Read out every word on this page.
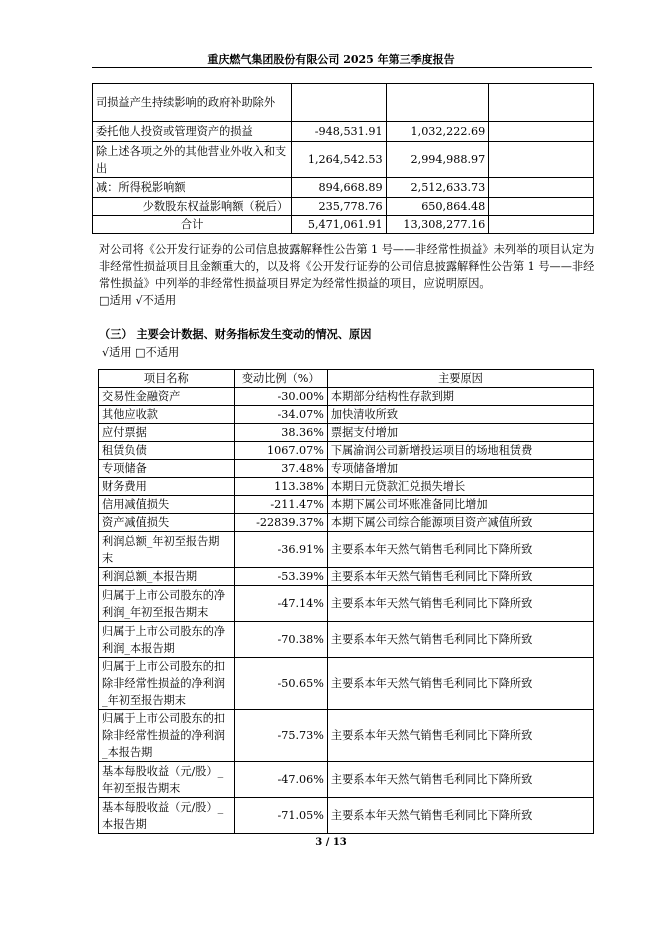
重庆燃气集团股份有限公司 2025 年第三季度报告
司损益产生持续影响的政府补助除外			
委托他人投资或管理资产的损益	-948,531.91	1,032,222.69	
除上述各项之外的其他营业外收入和支出	1,264,542.53	2,994,988.97	
减：所得税影响额	894,668.89	2,512,633.73	
少数股东权益影响额（税后）	235,778.76	650,864.48	
合计	5,471,061.91	13,308,277.16	

对公司将《公开发行证券的公司信息披露解释性公告第 1 号——非经常性损益》未列举的项目认定为非经常性损益项目且金额重大的，以及将《公开发行证券的公司信息披露解释性公告第 1 号——非经常性损益》中列举的非经常性损益项目界定为经常性损益的项目，应说明原因。

□适用 √不适用

（三） 主要会计数据、财务指标发生变动的情况、原因
√适用 □不适用
项目名称	变动比例（%）	主要原因
交易性金融资产	-30.00%	本期部分结构性存款到期
其他应收款	-34.07%	加快清收所致
应付票据	38.36%	票据支付增加
租赁负债	1067.07%	下属渝润公司新增投运项目的场地租赁费
专项储备	37.48%	专项储备增加
财务费用	113.38%	本期日元贷款汇兑损失增长
信用减值损失	-211.47%	本期下属公司坏账准备同比增加
资产减值损失	-22839.37%	本期下属公司综合能源项目资产减值所致
利润总额_年初至报告期末	-36.91%	主要系本年天然气销售毛利同比下降所致
利润总额_本报告期	-53.39%	主要系本年天然气销售毛利同比下降所致
归属于上市公司股东的净利润_年初至报告期末	-47.14%	主要系本年天然气销售毛利同比下降所致
归属于上市公司股东的净利润_本报告期	-70.38%	主要系本年天然气销售毛利同比下降所致
归属于上市公司股东的扣除非经常性损益的净利润_年初至报告期末	-50.65%	主要系本年天然气销售毛利同比下降所致
归属于上市公司股东的扣除非经常性损益的净利润_本报告期	-75.73%	主要系本年天然气销售毛利同比下降所致
基本每股收益（元/股）_年初至报告期末	-47.06%	主要系本年天然气销售毛利同比下降所致
基本每股收益（元/股）_本报告期	-71.05%	主要系本年天然气销售毛利同比下降所致
3 / 13
